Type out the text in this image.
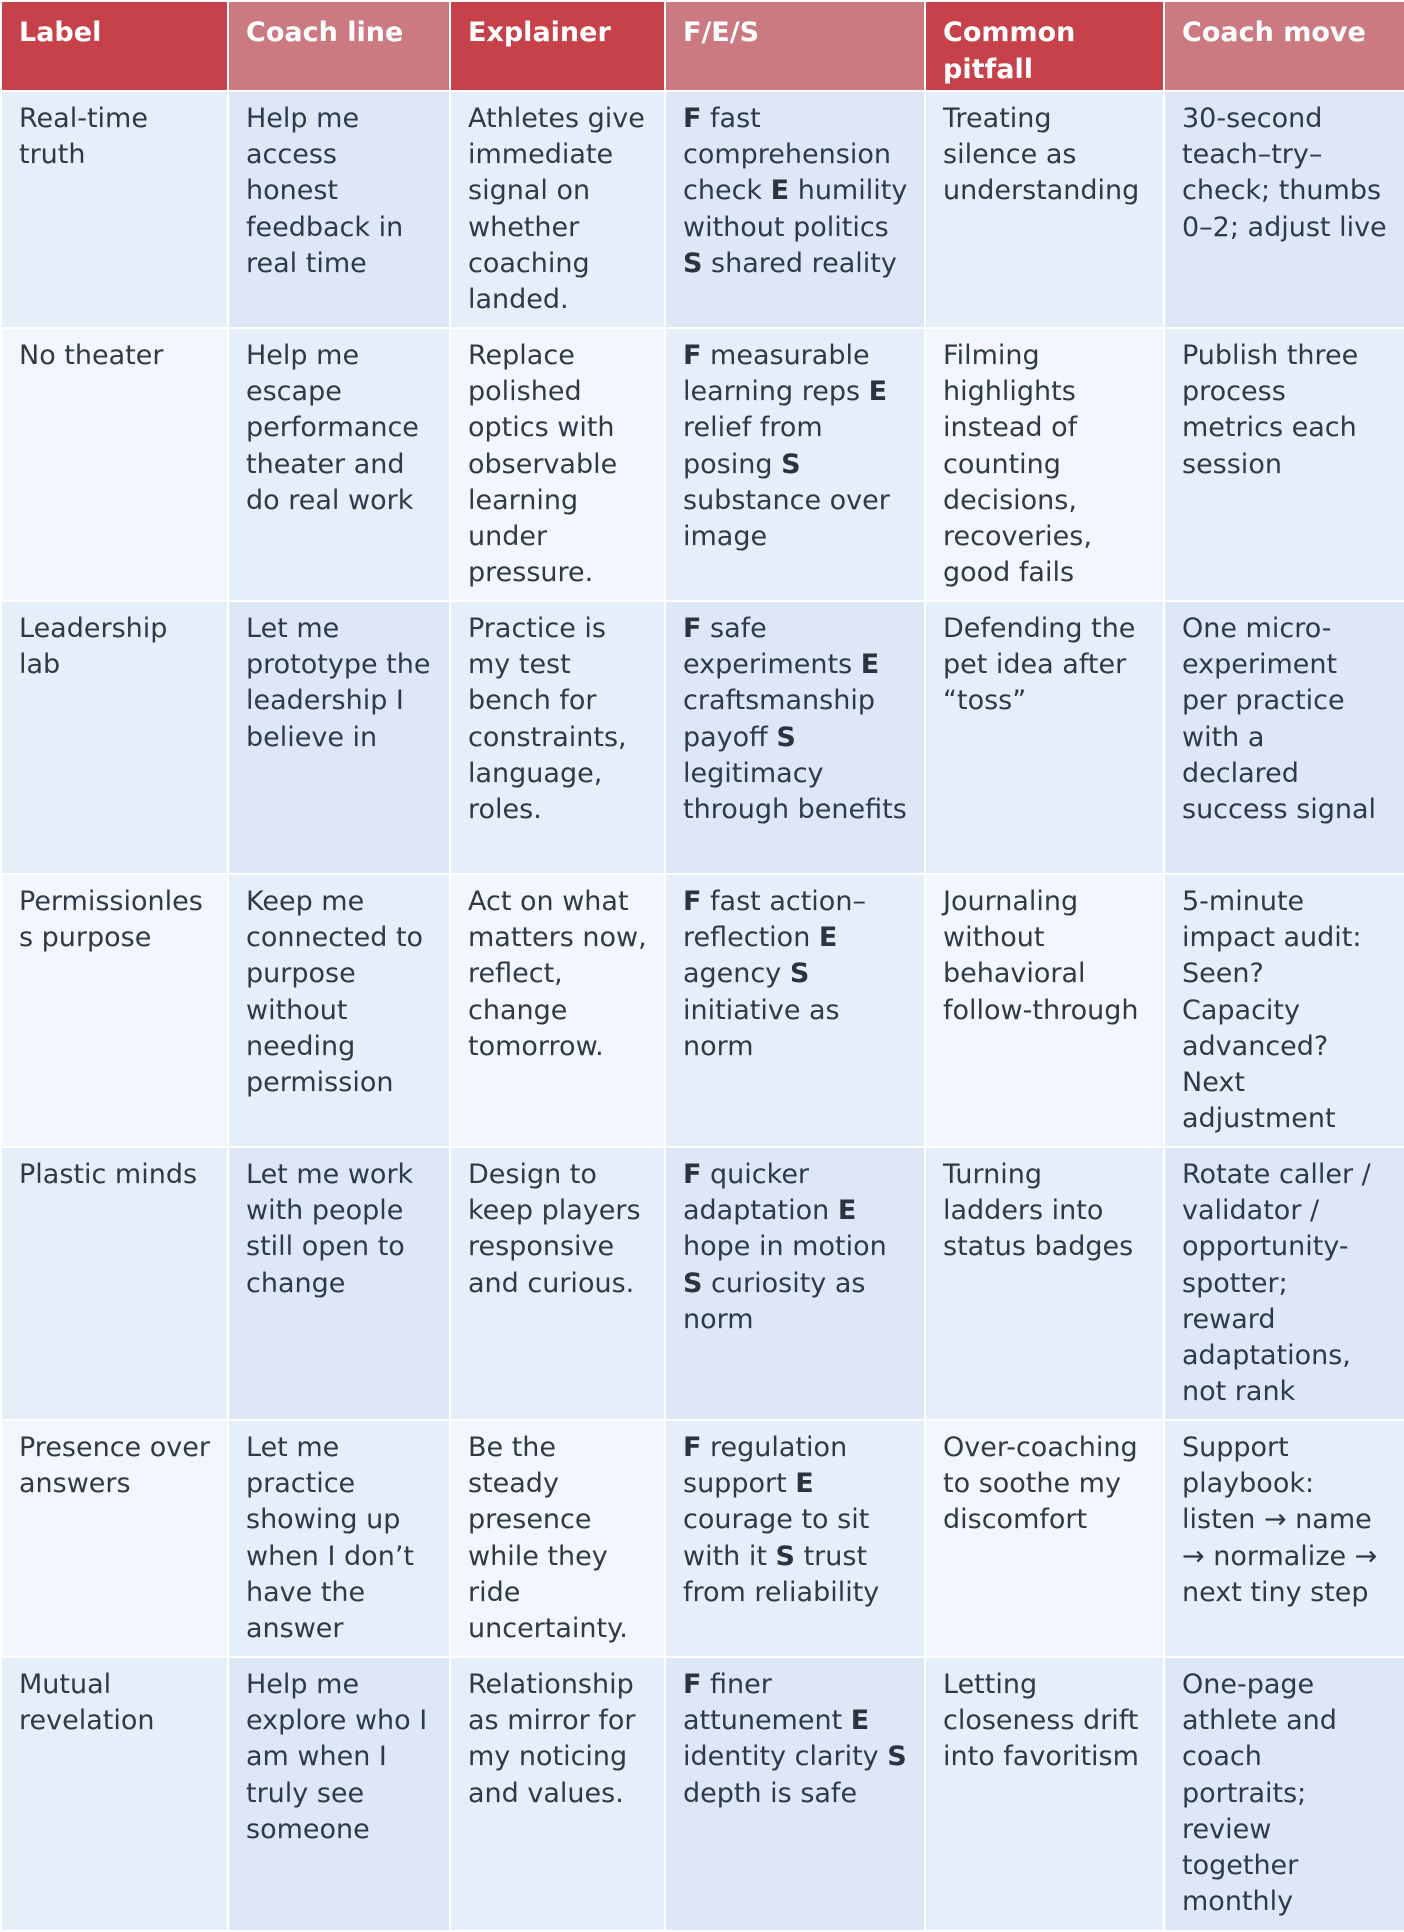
Label	Coach line	Explainer	F/E/S	Common pitfall	Coach move
Real-time truth	Help me access honest feedback in real time	Athletes give immediate signal on whether coaching landed.	F fast comprehension check E humility without politics S shared reality	Treating silence as understanding	30-second teach–try–check; thumbs 0–2; adjust live
No theater	Help me escape performance theater and do real work	Replace polished optics with observable learning under pressure.	F measurable learning reps E relief from posing S substance over image	Filming highlights instead of counting decisions, recoveries, good fails	Publish three process metrics each session
Leadership lab	Let me prototype the leadership I believe in	Practice is my test bench for constraints, language, roles.	F safe experiments E craftsmanship payoff S legitimacy through benefits	Defending the pet idea after “toss”	One micro-experiment per practice with a declared success signal
Permissionless purpose	Keep me connected to purpose without needing permission	Act on what matters now, reflect, change tomorrow.	F fast action–reflection E agency S initiative as norm	Journaling without behavioral follow-through	5-minute impact audit: Seen? Capacity advanced? Next adjustment
Plastic minds	Let me work with people still open to change	Design to keep players responsive and curious.	F quicker adaptation E hope in motion S curiosity as norm	Turning ladders into status badges	Rotate caller / validator / opportunity-spotter; reward adaptations, not rank
Presence over answers	Let me practice showing up when I don’t have the answer	Be the steady presence while they ride uncertainty.	F regulation support E courage to sit with it S trust from reliability	Over-coaching to soothe my discomfort	Support playbook: listen → name → normalize → next tiny step
Mutual revelation	Help me explore who I am when I truly see someone	Relationship as mirror for my noticing and values.	F finer attunement E identity clarity S depth is safe	Letting closeness drift into favoritism	One-page athlete and coach portraits; review together monthly
